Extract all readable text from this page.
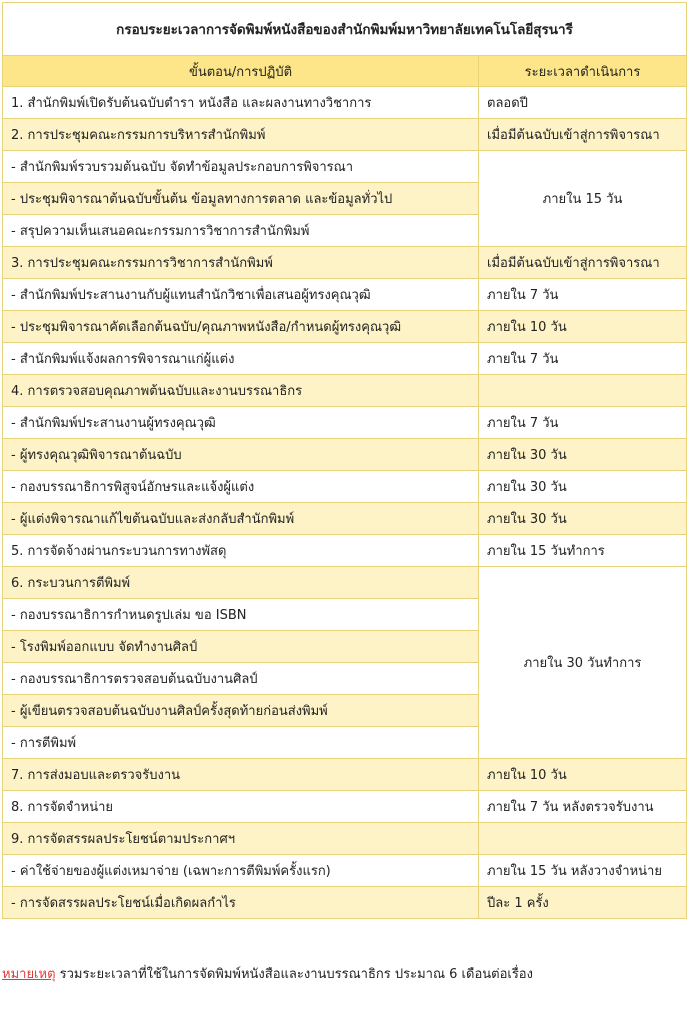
กรอบระยะเวลาการจัดพิมพ์หนังสือของสำนักพิมพ์มหาวิทยาลัยเทคโนโลยีสุรนารี	
ขั้นตอน/การปฏิบัติ	ระยะเวลาดำเนินการ
1. สำนักพิมพ์เปิดรับต้นฉบับตำรา หนังสือ และผลงานทางวิชาการ	ตลอดปี
2. การประชุมคณะกรรมการบริหารสำนักพิมพ์	เมื่อมีต้นฉบับเข้าสู่การพิจารณา
- สำนักพิมพ์รวบรวมต้นฉบับ จัดทำข้อมูลประกอบการพิจารณา	ภายใน 15 วัน
- ประชุมพิจารณาต้นฉบับขั้นต้น ข้อมูลทางการตลาด และข้อมูลทั่วไป	
- สรุปความเห็นเสนอคณะกรรมการวิชาการสำนักพิมพ์	
3. การประชุมคณะกรรมการวิชาการสำนักพิมพ์	เมื่อมีต้นฉบับเข้าสู่การพิจารณา
- สำนักพิมพ์ประสานงานกับผู้แทนสำนักวิชาเพื่อเสนอผู้ทรงคุณวุฒิ	ภายใน 7 วัน
- ประชุมพิจารณาคัดเลือกต้นฉบับ/คุณภาพหนังสือ/กำหนดผู้ทรงคุณวุฒิ	ภายใน 10 วัน
- สำนักพิมพ์แจ้งผลการพิจารณาแก่ผู้แต่ง	ภายใน 7 วัน
4. การตรวจสอบคุณภาพต้นฉบับและงานบรรณาธิกร	
- สำนักพิมพ์ประสานงานผู้ทรงคุณวุฒิ	ภายใน 7 วัน
- ผู้ทรงคุณวุฒิพิจารณาต้นฉบับ	ภายใน 30 วัน
- กองบรรณาธิการพิสูจน์อักษรและแจ้งผู้แต่ง	ภายใน 30 วัน
- ผู้แต่งพิจารณาแก้ไขต้นฉบับและส่งกลับสำนักพิมพ์	ภายใน 30 วัน
5. การจัดจ้างผ่านกระบวนการทางพัสดุ	ภายใน 15 วันทำการ
6. กระบวนการตีพิมพ์	ภายใน 30 วันทำการ
- กองบรรณาธิการกำหนดรูปเล่ม ขอ ISBN	
- โรงพิมพ์ออกแบบ จัดทำงานศิลป์	
- กองบรรณาธิการตรวจสอบต้นฉบับงานศิลป์	
- ผู้เขียนตรวจสอบต้นฉบับงานศิลป์ครั้งสุดท้ายก่อนส่งพิมพ์	
- การตีพิมพ์	
7. การส่งมอบและตรวจรับงาน	ภายใน 10 วัน
8. การจัดจำหน่าย	ภายใน 7 วัน หลังตรวจรับงาน
9. การจัดสรรผลประโยชน์ตามประกาศฯ	
- ค่าใช้จ่ายของผู้แต่งเหมาจ่าย (เฉพาะการตีพิมพ์ครั้งแรก)	ภายใน 15 วัน หลังวางจำหน่าย
- การจัดสรรผลประโยชน์เมื่อเกิดผลกำไร	ปีละ 1 ครั้ง
หมายเหตุ รวมระยะเวลาที่ใช้ในการจัดพิมพ์หนังสือและงานบรรณาธิกร ประมาณ 6 เดือนต่อเรื่อง
